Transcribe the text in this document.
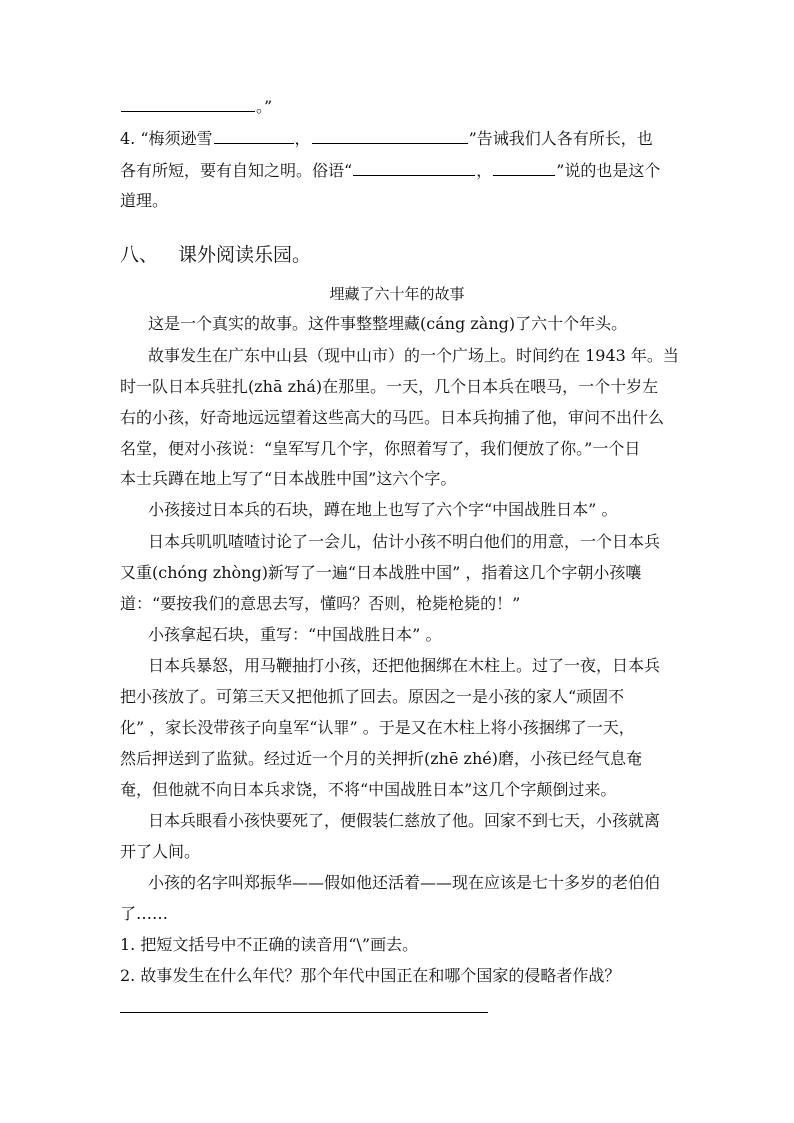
。”
4. “梅须逊雪	，	”告诫我们人各有所长，也
各有所短，要有自知之明。俗语“	，	”说的也是这个
道理。
八、 课外阅读乐园。
埋藏了六十年的故事
这是一个真实的故事。这件事整整埋藏(cáng zàng)了六十个年头。
故事发生在广东中山县（现中山市）的一个广场上。时间约在 1943 年。当
时一队日本兵驻扎(zhā zhá)在那里。一天，几个日本兵在喂马，一个十岁左
右的小孩，好奇地远远望着这些高大的马匹。日本兵拘捕了他，审问不出什么
名堂，便对小孩说：“皇军写几个字，你照着写了，我们便放了你。”一个日
本士兵蹲在地上写了“日本战胜中国”这六个字。
小孩接过日本兵的石块，蹲在地上也写了六个字“中国战胜日本” 。
日本兵叽叽喳喳讨论了一会儿，估计小孩不明白他们的用意，一个日本兵
又重(chóng zhòng)新写了一遍“日本战胜中国” ，指着这几个字朝小孩嚷
道：“要按我们的意思去写，懂吗？否则，枪毙枪毙的！”
小孩拿起石块，重写：“中国战胜日本” 。
日本兵暴怒，用马鞭抽打小孩，还把他捆绑在木柱上。过了一夜，日本兵
把小孩放了。可第三天又把他抓了回去。原因之一是小孩的家人“顽固不
化” ，家长没带孩子向皇军“认罪” 。于是又在木柱上将小孩捆绑了一天，
然后押送到了监狱。经过近一个月的关押折(zhē zhé)磨，小孩已经气息奄
奄，但他就不向日本兵求饶，不将“中国战胜日本”这几个字颠倒过来。
日本兵眼看小孩快要死了，便假装仁慈放了他。回家不到七天，小孩就离
开了人间。
小孩的名字叫郑振华——假如他还活着——现在应该是七十多岁的老伯伯
了……
1. 把短文括号中不正确的读音用“\”画去。
2. 故事发生在什么年代？那个年代中国正在和哪个国家的侵略者作战？
